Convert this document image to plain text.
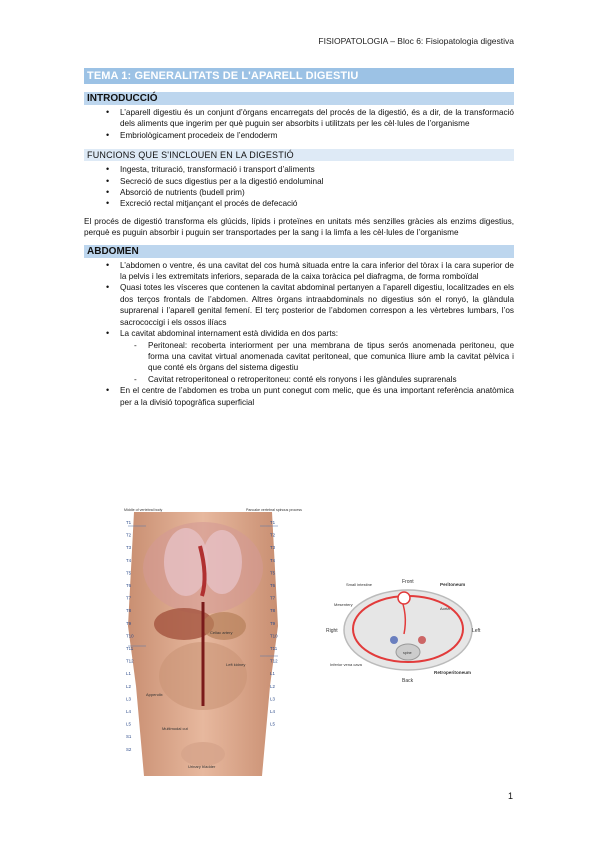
FISIOPATOLOGIA – Bloc 6: Fisiopatologia digestiva
TEMA 1: GENERALITATS DE L'APARELL DIGESTIU
INTRODUCCIÓ
• L’aparell digestiu és un conjunt d’òrgans encarregats del procés de la digestió, és a dir, de la transformació dels aliments que ingerim per què puguin ser absorbits i utilitzats per les cèl·lules de l’organisme
• Embriològicament procedeix de l’endoderm
FUNCIONS QUE S'INCLOUEN EN LA DIGESTIÓ
• Ingesta, trituració, transformació i transport d’aliments
• Secreció de sucs digestius per a la digestió endoluminal
• Absorció de nutrients (budell prim)
• Excreció rectal mitjançant el procés de defecació

El procés de digestió transforma els glúcids, lípids i proteïnes en unitats més senzilles gràcies als enzims digestius, perquè es puguin absorbir i puguin ser transportades per la sang i la limfa a les cèl·lules de l’organisme

ABDOMEN
• L’abdomen o ventre, és una cavitat del cos humà situada entre la cara inferior del tòrax i la cara superior de la pelvis i les extremitats inferiors, separada de la caixa toràcica pel diafragma, de forma romboïdal
• Quasi totes les vísceres que contenen la cavitat abdominal pertanyen a l’aparell digestiu, localitzades en els dos terços frontals de l’abdomen. Altres òrgans intraabdominals no digestius són el ronyó, la glàndula suprarenal i l’aparell genital femení. El terç posterior de l’abdomen correspon a les vèrtebres lumbars, l’os sacrococcigi i els ossos ilíacs
• La cavitat abdominal internament està dividida en dos parts:
- Peritoneal: recoberta interiorment per una membrana de tipus serós anomenada peritoneu, que forma una cavitat virtual anomenada cavitat peritoneal, que comunica lliure amb la cavitat pèlvica i que conté els òrgans del sistema digestiu
- Cavitat retroperitoneal o retroperitoneu: conté els ronyons i les glàndules suprarenals
• En el centre de l’abdomen es troba un punt conegut com melic, que és una important referència anatòmica per a la divisió topogràfica superficial
Middle of vertebral body	Pancake vertebral spinous process
T1
T2
T3
T4
T5
T6
T7
T8
T9
T10
T11
T12
L1
L2
L3
L4
L5
S1
S2
T1
T2
T3
T4
T5
T6
T7
T8
T9
T10
T11
T12
L1
L2
L3
L4
L5
Celiac artery
Left kidney
Appendix
Multimodal cut
Urinary bladder
Front
Back
Right	Left
Small intestine
Mesentery
Peritoneum
Aorta
spine
Inferior vena cava
Retroperitoneum
1
